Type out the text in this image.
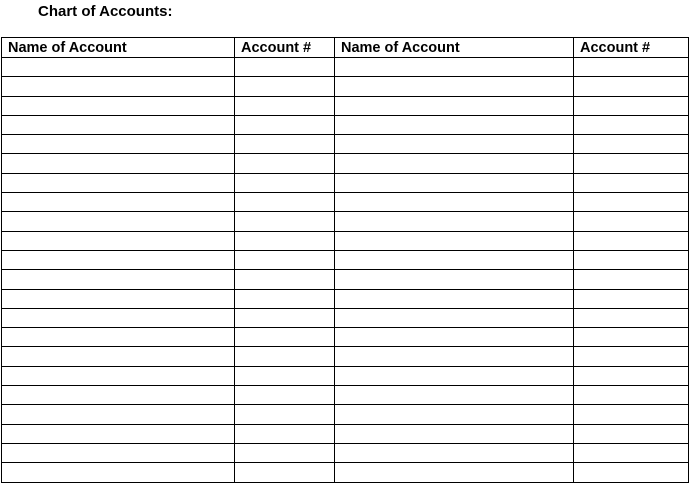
Chart of Accounts:
Name of Account	Account #	Name of Account	Account #
